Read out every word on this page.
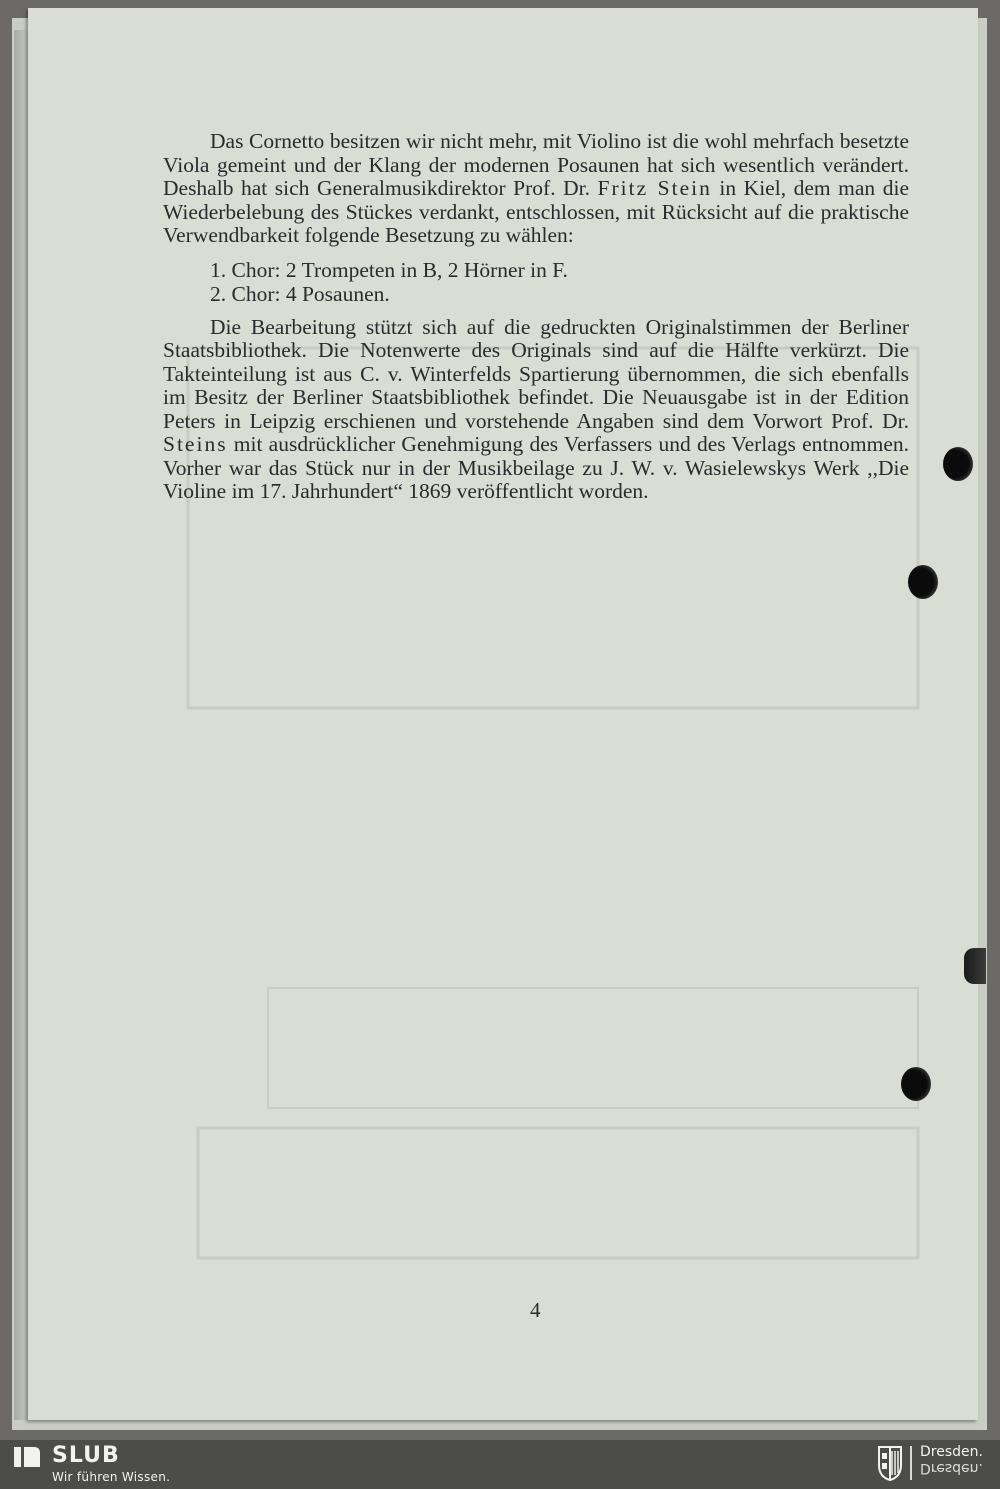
Das Cornetto besitzen wir nicht mehr, mit Violino ist die wohl mehrfach besetzte Viola gemeint und der Klang der modernen Posaunen hat sich wesentlich verändert. Deshalb hat sich Generalmusikdirektor Prof. Dr. Fritz Stein in Kiel, dem man die Wiederbelebung des Stückes verdankt, entschlossen, mit Rücksicht auf die praktische Verwendbarkeit folgende Besetzung zu wählen:

1. Chor: 2 Trompeten in B, 2 Hörner in F.
2. Chor: 4 Posaunen.

Die Bearbeitung stützt sich auf die gedruckten Originalstimmen der Berliner Staatsbibliothek. Die Notenwerte des Originals sind auf die Hälfte verkürzt. Die Takteinteilung ist aus C. v. Winterfelds Spartierung übernommen, die sich ebenfalls im Besitz der Berliner Staatsbibliothek befindet. Die Neuausgabe ist in der Edition Peters in Leipzig erschienen und vorstehende Angaben sind dem Vorwort Prof. Dr. Steins mit ausdrücklicher Genehmigung des Verfassers und des Verlags entnommen. Vorher war das Stück nur in der Musikbeilage zu J. W. v. Wasielewskys Werk ,,Die Violine im 17. Jahrhundert“ 1869 veröffentlicht worden.

4
SLUB
Wir führen Wissen.
Dresden.
Dresden.
